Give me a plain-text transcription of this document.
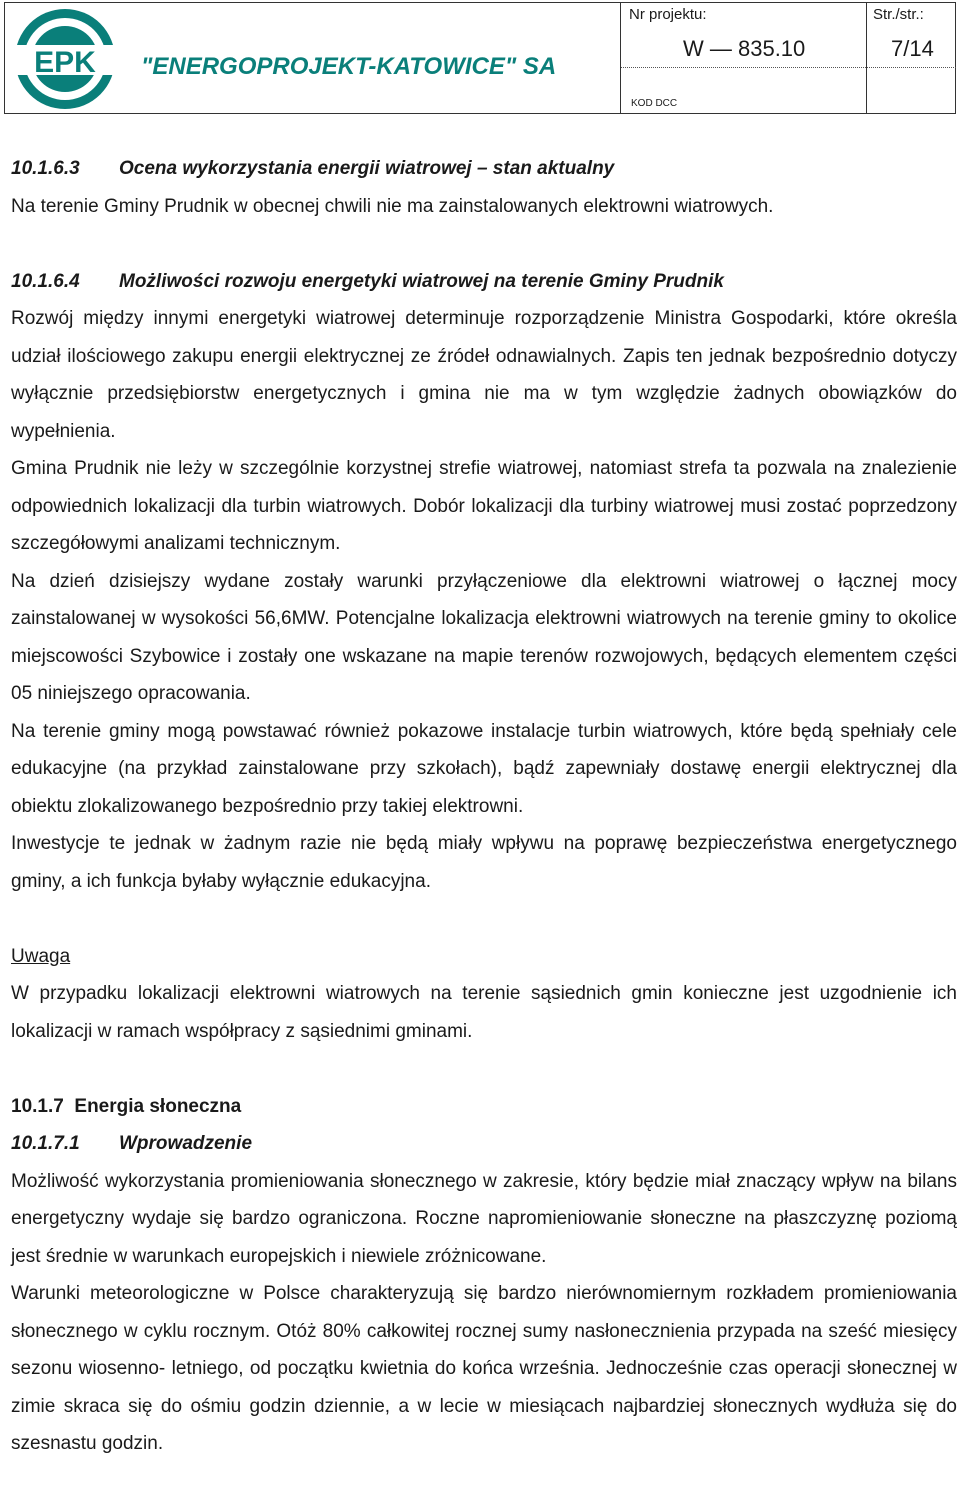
EPK "ENERGOPROJEKT-KATOWICE" SA
Nr projektu:
W — 835.10
KOD DCC
Str./str.:
7/14

10.1.6.3 Ocena wykorzystania energii wiatrowej – stan aktualny

Na terenie Gminy Prudnik w obecnej chwili nie ma zainstalowanych elektrowni wiatrowych.

10.1.6.4 Możliwości rozwoju energetyki wiatrowej na terenie Gminy Prudnik

Rozwój między innymi energetyki wiatrowej determinuje rozporządzenie Ministra Gospodarki, które określa udział ilościowego zakupu energii elektrycznej ze źródeł odnawialnych. Zapis ten jednak bezpośrednio dotyczy wyłącznie przedsiębiorstw energetycznych i gmina nie ma w tym względzie żadnych obowiązków do wypełnienia.

Gmina Prudnik nie leży w szczególnie korzystnej strefie wiatrowej, natomiast strefa ta pozwala na znalezienie odpowiednich lokalizacji dla turbin wiatrowych. Dobór lokalizacji dla turbiny wiatrowej musi zostać poprzedzony szczegółowymi analizami technicznym.

Na dzień dzisiejszy wydane zostały warunki przyłączeniowe dla elektrowni wiatrowej o łącznej mocy zainstalowanej w wysokości 56,6MW. Potencjalne lokalizacja elektrowni wiatrowych na terenie gminy to okolice miejscowości Szybowice i zostały one wskazane na mapie terenów rozwojowych, będących elementem części 05 niniejszego opracowania.

Na terenie gminy mogą powstawać również pokazowe instalacje turbin wiatrowych, które będą spełniały cele edukacyjne (na przykład zainstalowane przy szkołach), bądź zapewniały dostawę energii elektrycznej dla obiektu zlokalizowanego bezpośrednio przy takiej elektrowni.

Inwestycje te jednak w żadnym razie nie będą miały wpływu na poprawę bezpieczeństwa energetycznego gminy, a ich funkcja byłaby wyłącznie edukacyjna.

Uwaga

W przypadku lokalizacji elektrowni wiatrowych na terenie sąsiednich gmin konieczne jest uzgodnienie ich lokalizacji w ramach współpracy z sąsiednimi gminami.

10.1.7 Energia słoneczna

10.1.7.1 Wprowadzenie

Możliwość wykorzystania promieniowania słonecznego w zakresie, który będzie miał znaczący wpływ na bilans energetyczny wydaje się bardzo ograniczona. Roczne napromieniowanie słoneczne na płaszczyznę poziomą jest średnie w warunkach europejskich i niewiele zróżnicowane.

Warunki meteorologiczne w Polsce charakteryzują się bardzo nierównomiernym rozkładem promieniowania słonecznego w cyklu rocznym. Otóż 80% całkowitej rocznej sumy nasłonecznienia przypada na sześć miesięcy sezonu wiosenno- letniego, od początku kwietnia do końca września. Jednocześnie czas operacji słonecznej w zimie skraca się do ośmiu godzin dziennie, a w lecie w miesiącach najbardziej słonecznych wydłuża się do szesnastu godzin.
